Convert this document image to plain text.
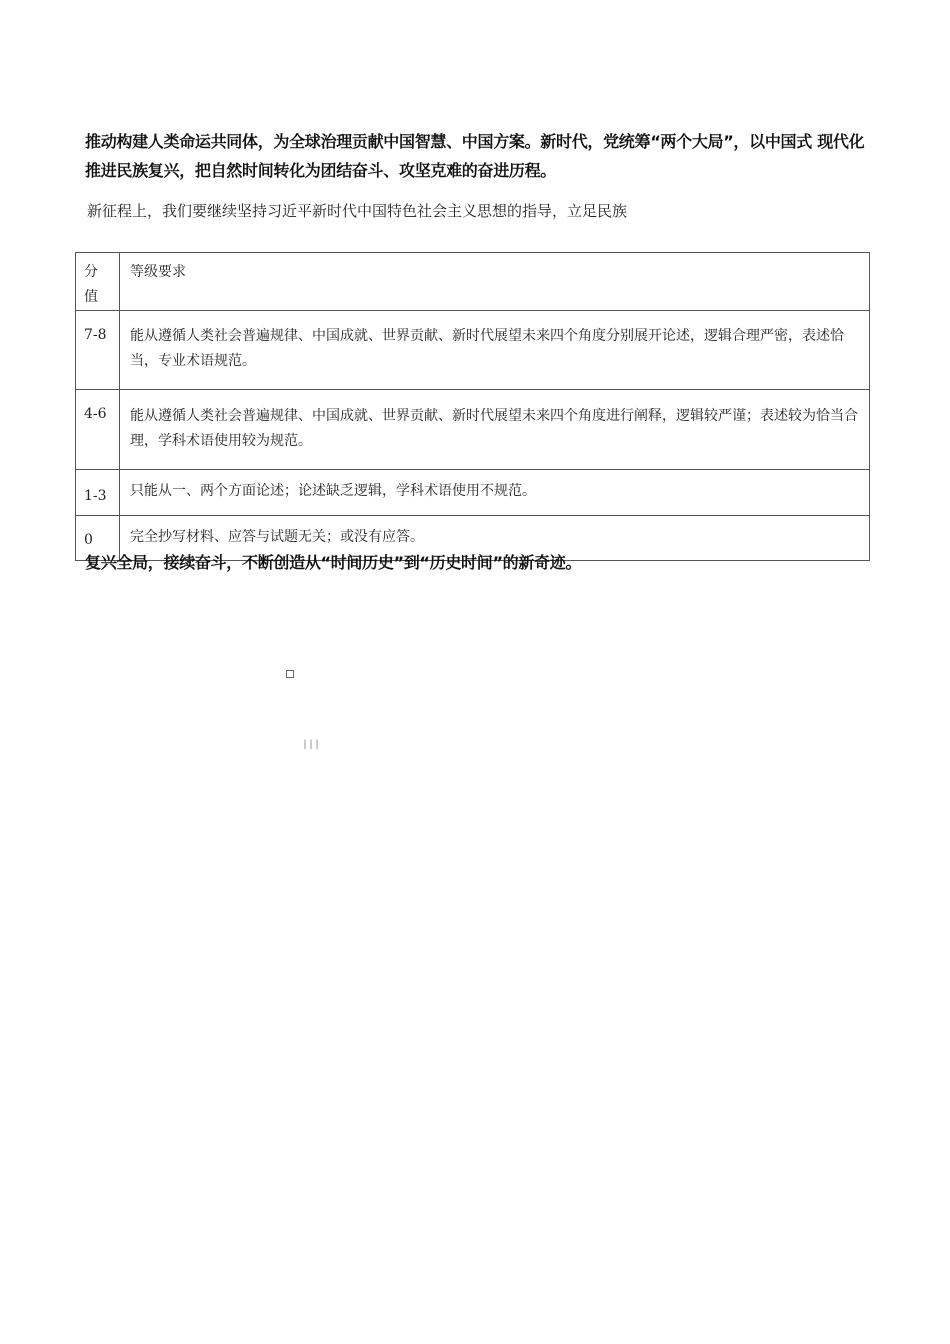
推动构建人类命运共同体，为全球治理贡献中国智慧、中国方案。新时代，党统筹“两个大局”，以中国式 现代化推进民族复兴，把自然时间转化为团结奋斗、攻坚克难的奋进历程。
新征程上，我们要继续坚持习近平新时代中国特色社会主义思想的指导，立足民族
分值	等级要求
7-8	能从遵循人类社会普遍规律、中国成就、世界贡献、新时代展望未来四个角度分别展开论述，逻辑合理严密，表述恰当，专业术语规范。
4-6	能从遵循人类社会普遍规律、中国成就、世界贡献、新时代展望未来四个角度进行阐释，逻辑较严谨；表述较为恰当合理，学科术语使用较为规范。
1-3	只能从一、两个方面论述；论述缺乏逻辑，学科术语使用不规范。
0	完全抄写材料、应答与试题无关；或没有应答。
复兴全局，接续奋斗，不断创造从“时间历史”到“历史时间”的新奇迹。
|||
